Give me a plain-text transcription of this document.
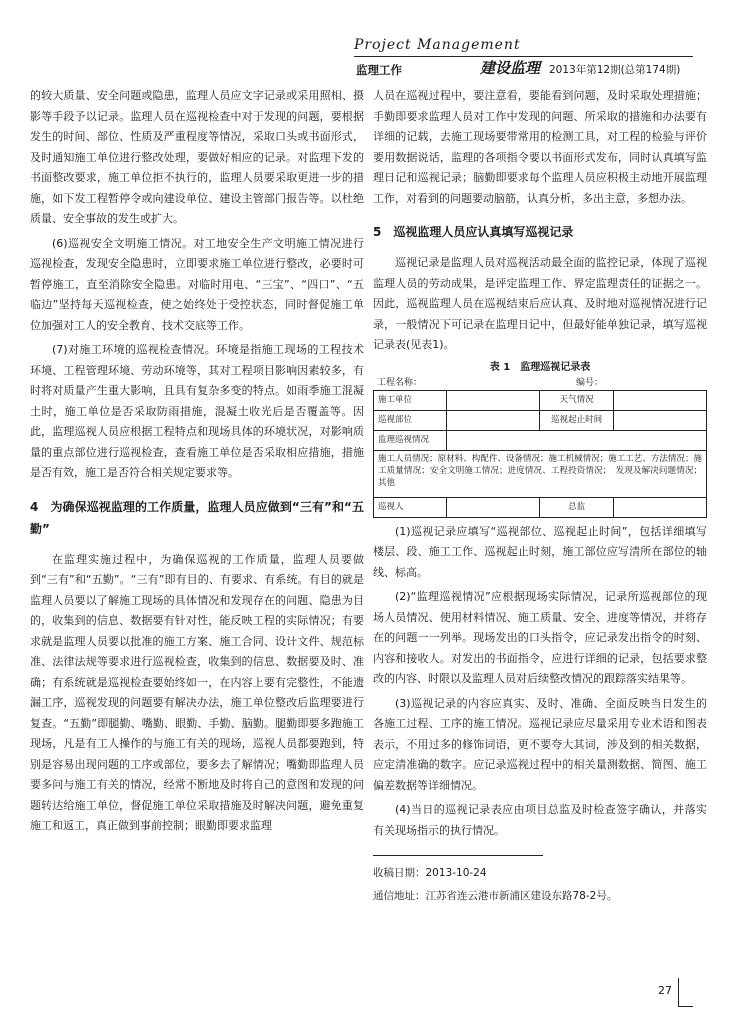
Project Management
监理工作	建设监理 2013年第12期(总第174期)

的较大质量、安全问题或隐患，监理人员应文字记录或采用照相、摄影等手段予以记录。监理人员在巡视检查中对于发现的问题，要根据发生的时间、部位、性质及严重程度等情况，采取口头或书面形式，及时通知施工单位进行整改处理，要做好相应的记录。对监理下发的书面整改要求，施工单位拒不执行的，监理人员要采取更进一步的措施，如下发工程暂停令或向建设单位、建设主管部门报告等。以杜绝质量、安全事故的发生或扩大。

(6)巡视安全文明施工情况。对工地安全生产文明施工情况进行巡视检查，发现安全隐患时，立即要求施工单位进行整改，必要时可暂停施工，直至消除安全隐患。对临时用电、“三宝”、“四口”、“五临边”坚持每天巡视检查，使之始终处于受控状态，同时督促施工单位加强对工人的安全教育、技术交底等工作。

(7)对施工环境的巡视检查情况。环境是指施工现场的工程技术环境、工程管理环境、劳动环境等，其对工程项目影响因素较多，有时将对质量产生重大影响，且具有复杂多变的特点。如雨季施工混凝土时，施工单位是否采取防雨措施，混凝土收光后是否覆盖等。因此，监理巡视人员应根据工程特点和现场具体的环境状况，对影响质量的重点部位进行巡视检查，查看施工单位是否采取相应措施，措施是否有效，施工是否符合相关规定要求等。

4　为确保巡视监理的工作质量，监理人员应做到“三有”和“五勤”

在监理实施过程中，为确保巡视的工作质量，监理人员要做到“三有”和“五勤”。“三有”即有目的、有要求、有系统。有目的就是监理人员要以了解施工现场的具体情况和发现存在的问题、隐患为目的，收集到的信息、数据要有针对性，能反映工程的实际情况；有要求就是监理人员要以批准的施工方案、施工合同、设计文件、规范标准、法律法规等要求进行巡视检查，收集到的信息、数据要及时、准确；有系统就是巡视检查要始终如一，在内容上要有完整性，不能遗漏工序，巡视发现的问题要有解决办法，施工单位整改后监理要进行复查。“五勤”即腿勤、嘴勤、眼勤、手勤、脑勤。腿勤即要多跑施工现场，凡是有工人操作的与施工有关的现场，巡视人员都要跑到，特别是容易出现问题的工序或部位，要多去了解情况；嘴勤即监理人员要多问与施工有关的情况，经常不断地及时将自己的意图和发现的问题转达给施工单位，督促施工单位采取措施及时解决问题，避免重复施工和返工，真正做到事前控制；眼勤即要求监理

人员在巡视过程中，要注意看，要能看到问题，及时采取处理措施；手勤即要求监理人员对工作中发现的问题、所采取的措施和办法要有详细的记载，去施工现场要带常用的检测工具，对工程的检验与评价要用数据说话，监理的各项指令要以书面形式发布，同时认真填写监理日记和巡视记录；脑勤即要求每个监理人员应积极主动地开展监理工作，对看到的问题要动脑筋，认真分析，多出主意，多想办法。

5　巡视监理人员应认真填写巡视记录

巡视记录是监理人员对巡视活动最全面的监控记录，体现了巡视监理人员的劳动成果，是评定监理工作、界定监理责任的证据之一。因此，巡视监理人员在巡视结束后应认真、及时地对巡视情况进行记录，一般情况下可记录在监理日记中，但最好能单独记录，填写巡视记录表(见表1)。

表 1　监理巡视记录表
工程名称：	编号：
施工单位		天气情况	
巡视部位		巡视起止时间	
监理巡视情况			
施工人员情况；原材料、构配件、设备情况；施工机械情况；施工工艺、方法情况；施工质量情况；安全文明施工情况；进度情况、工程投资情况；　发现及解决问题情况；其他			
巡视人		总监	

(1)巡视记录应填写“巡视部位、巡视起止时间”，包括详细填写楼层、段、施工工作、巡视起止时刻，施工部位应写清所在部位的轴线、标高。

(2)“监理巡视情况”应根据现场实际情况，记录所巡视部位的现场人员情况、使用材料情况、施工质量、安全、进度等情况，并将存在的问题一一列举。现场发出的口头指令，应记录发出指令的时刻、内容和接收人。对发出的书面指令，应进行详细的记录，包括要求整改的内容、时限以及监理人员对后续整改情况的跟踪落实结果等。

(3)巡视记录的内容应真实、及时、准确、全面反映当日发生的各施工过程、工序的施工情况。巡视记录应尽量采用专业术语和图表表示，不用过多的修饰词语，更不要夸大其词，涉及到的相关数据，应定清准确的数字。应记录巡视过程中的相关量测数据、简图、施工偏差数据等详细情况。

(4)当日的巡视记录表应由项目总监及时检查签字确认，并落实有关现场指示的执行情况。

收稿日期：2013-10-24

通信地址：江苏省连云港市新浦区建设东路78-2号。

27
